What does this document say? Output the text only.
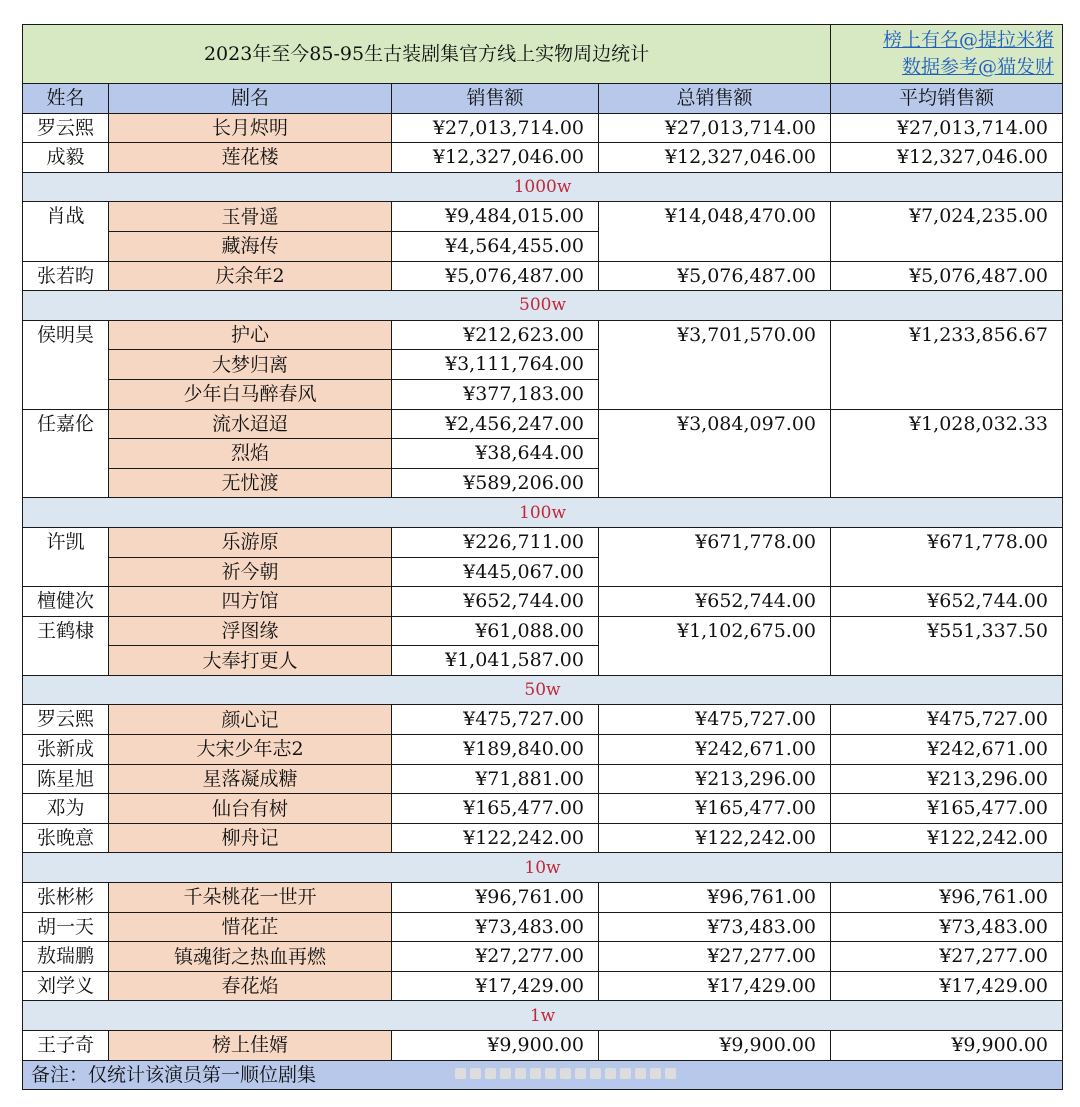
2023年至今85-95生古装剧集官方线上实物周边统计				榜上有名@提拉米猪
数据参考@猫发财

姓名	剧名	销售额	总销售额	平均销售额
罗云熙	长月烬明	¥27,013,714.00	¥27,013,714.00	¥27,013,714.00
成毅	莲花楼	¥12,327,046.00	¥12,327,046.00	¥12,327,046.00
1000w				
肖战	玉骨遥	¥9,484,015.00	¥14,048,470.00	¥7,024,235.00
	藏海传	¥4,564,455.00		
张若昀	庆余年2	¥5,076,487.00	¥5,076,487.00	¥5,076,487.00
500w				
侯明昊	护心	¥212,623.00	¥3,701,570.00	¥1,233,856.67
	大梦归离	¥3,111,764.00		
	少年白马醉春风	¥377,183.00		
任嘉伦	流水迢迢	¥2,456,247.00	¥3,084,097.00	¥1,028,032.33
	烈焰	¥38,644.00		
	无忧渡	¥589,206.00		
100w				
许凯	乐游原	¥226,711.00	¥671,778.00	¥671,778.00
	祈今朝	¥445,067.00		
檀健次	四方馆	¥652,744.00	¥652,744.00	¥652,744.00
王鹤棣	浮图缘	¥61,088.00	¥1,102,675.00	¥551,337.50
	大奉打更人	¥1,041,587.00		
50w				
罗云熙	颜心记	¥475,727.00	¥475,727.00	¥475,727.00
张新成	大宋少年志2	¥189,840.00	¥242,671.00	¥242,671.00
陈星旭	星落凝成糖	¥71,881.00	¥213,296.00	¥213,296.00
邓为	仙台有树	¥165,477.00	¥165,477.00	¥165,477.00
张晚意	柳舟记	¥122,242.00	¥122,242.00	¥122,242.00
10w				
张彬彬	千朵桃花一世开	¥96,761.00	¥96,761.00	¥96,761.00
胡一天	惜花芷	¥73,483.00	¥73,483.00	¥73,483.00
敖瑞鹏	镇魂街之热血再燃	¥27,277.00	¥27,277.00	¥27,277.00
刘学义	春花焰	¥17,429.00	¥17,429.00	¥17,429.00
1w				
王子奇	榜上佳婿	¥9,900.00	¥9,900.00	¥9,900.00
备注：仅统计该演员第一顺位剧集				
